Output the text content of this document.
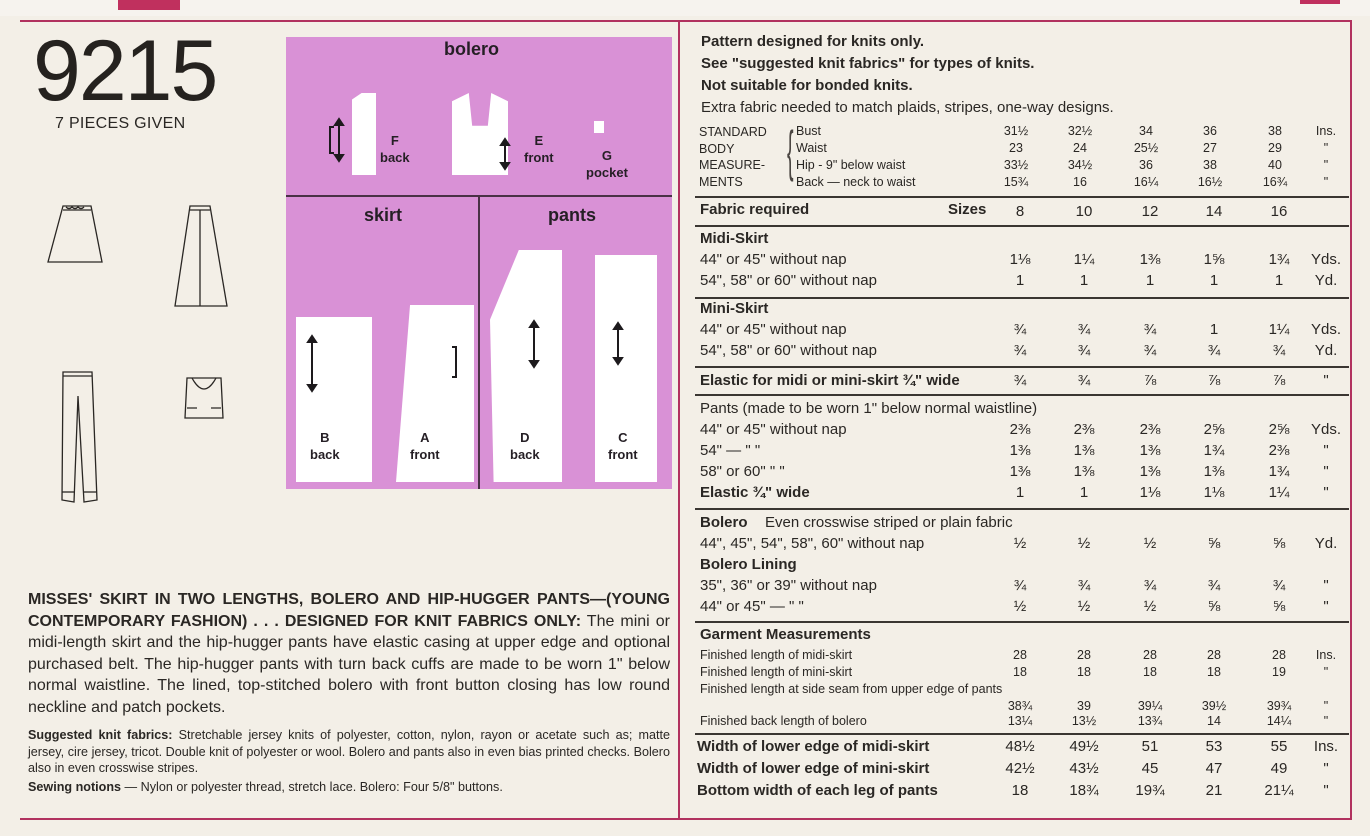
9215
7 PIECES GIVEN
bolero
skirt	pants
F
back
E
front	G
pocket
B
back
A
front
D
back
C
front
MISSES' SKIRT IN TWO LENGTHS, BOLERO AND HIP-HUGGER PANTS—(YOUNG CONTEMPORARY FASHION) . . . DESIGNED FOR KNIT FABRICS ONLY: The mini or midi-length skirt and the hip-hugger pants have elastic casing at upper edge and optional purchased belt. The hip-hugger pants with turn back cuffs are made to be worn 1" below normal waistline. The lined, top-stitched bolero with front button closing has low round neckline and patch pockets.
Suggested knit fabrics: Stretchable jersey knits of polyester, cotton, nylon, rayon or acetate such as; matte jersey, cire jersey, tricot. Double knit of polyester or wool. Bolero and pants also in even bias printed checks. Bolero also in even crosswise stripes.
Sewing notions — Nylon or polyester thread, stretch lace. Bolero: Four 5/8" buttons.
Pattern designed for knits only.
See "suggested knit fabrics" for types of knits.
Not suitable for bonded knits.
Extra fabric needed to match plaids, stripes, one-way designs.
STANDARD
BODY
MEASURE-
MENTS {
Fabric required	Sizes
Bust	31½	32½	34	36	38	Ins.
Waist	23	24	25½	27	29	"
Hip - 9" below waist	33½	34½	36	38	40	"
Back — neck to waist	15¾	16	16¼	16½	16¾	"
8	10	12	14	16
Midi-Skirt
44" or 45" without nap	1⅛	1¼	1⅜	1⅝	1¾	Yds.
54", 58" or 60" without nap	1	1	1	1	1	Yd.
Mini-Skirt
44" or 45" without nap	¾	¾	¾	1	1¼	Yds.
54", 58" or 60" without nap	¾	¾	¾	¾	¾	Yd.
Elastic for midi or mini-skirt ¾" wide	¾	¾	⅞	⅞	⅞	"
Pants (made to be worn 1" below normal waistline)
44" or 45" without nap	2⅜	2⅜	2⅜	2⅝	2⅝	Yds.
54" — " "	1⅜	1⅜	1⅜	1¾	2⅜	"
58" or 60" " "	1⅜	1⅜	1⅜	1⅜	1¾	"
Elastic ¾" wide	1	1	1⅛	1⅛	1¼	"
Bolero Even crosswise striped or plain fabric
44", 45", 54", 58", 60" without nap	½	½	½	⅝	⅝	Yd.
Bolero Lining
35", 36" or 39" without nap	¾	¾	¾	¾	¾	"
44" or 45" — " "	½	½	½	⅝	⅝	"
Garment Measurements
Finished length of midi-skirt	28	28	28	28	28	Ins.
Finished length of mini-skirt	18	18	18	18	19	"
Finished length at side seam from upper edge of pants
38¾	39	39¼	39½	39¾	"
Finished back length of bolero	13¼	13½	13¾	14	14¼	"
Width of lower edge of midi-skirt	48½	49½	51	53	55	Ins.
Width of lower edge of mini-skirt	42½	43½	45	47	49	"
Bottom width of each leg of pants	18	18¾	19¾	21	21¼	"
